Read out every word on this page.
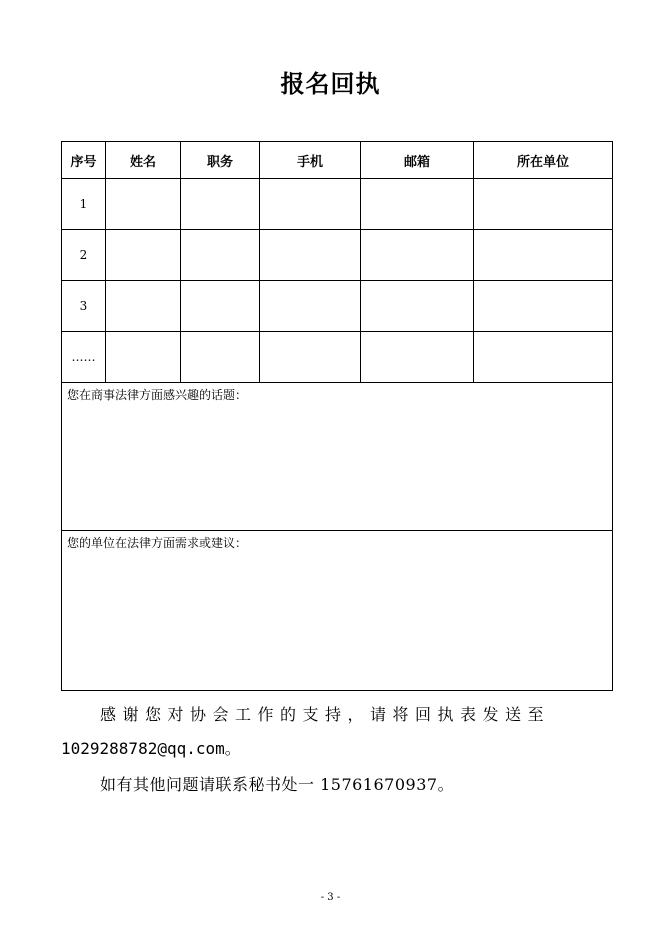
报名回执
序号	姓名	职务	手机	邮箱	所在单位
1					
2					
3					
……					
您在商事法律方面感兴趣的话题：					
您的单位在法律方面需求或建议：					
感谢您对协会工作的支持，请将回执表发送至
1029288782@qq.com。
如有其他问题请联系秘书处一 15761670937。
- 3 -
